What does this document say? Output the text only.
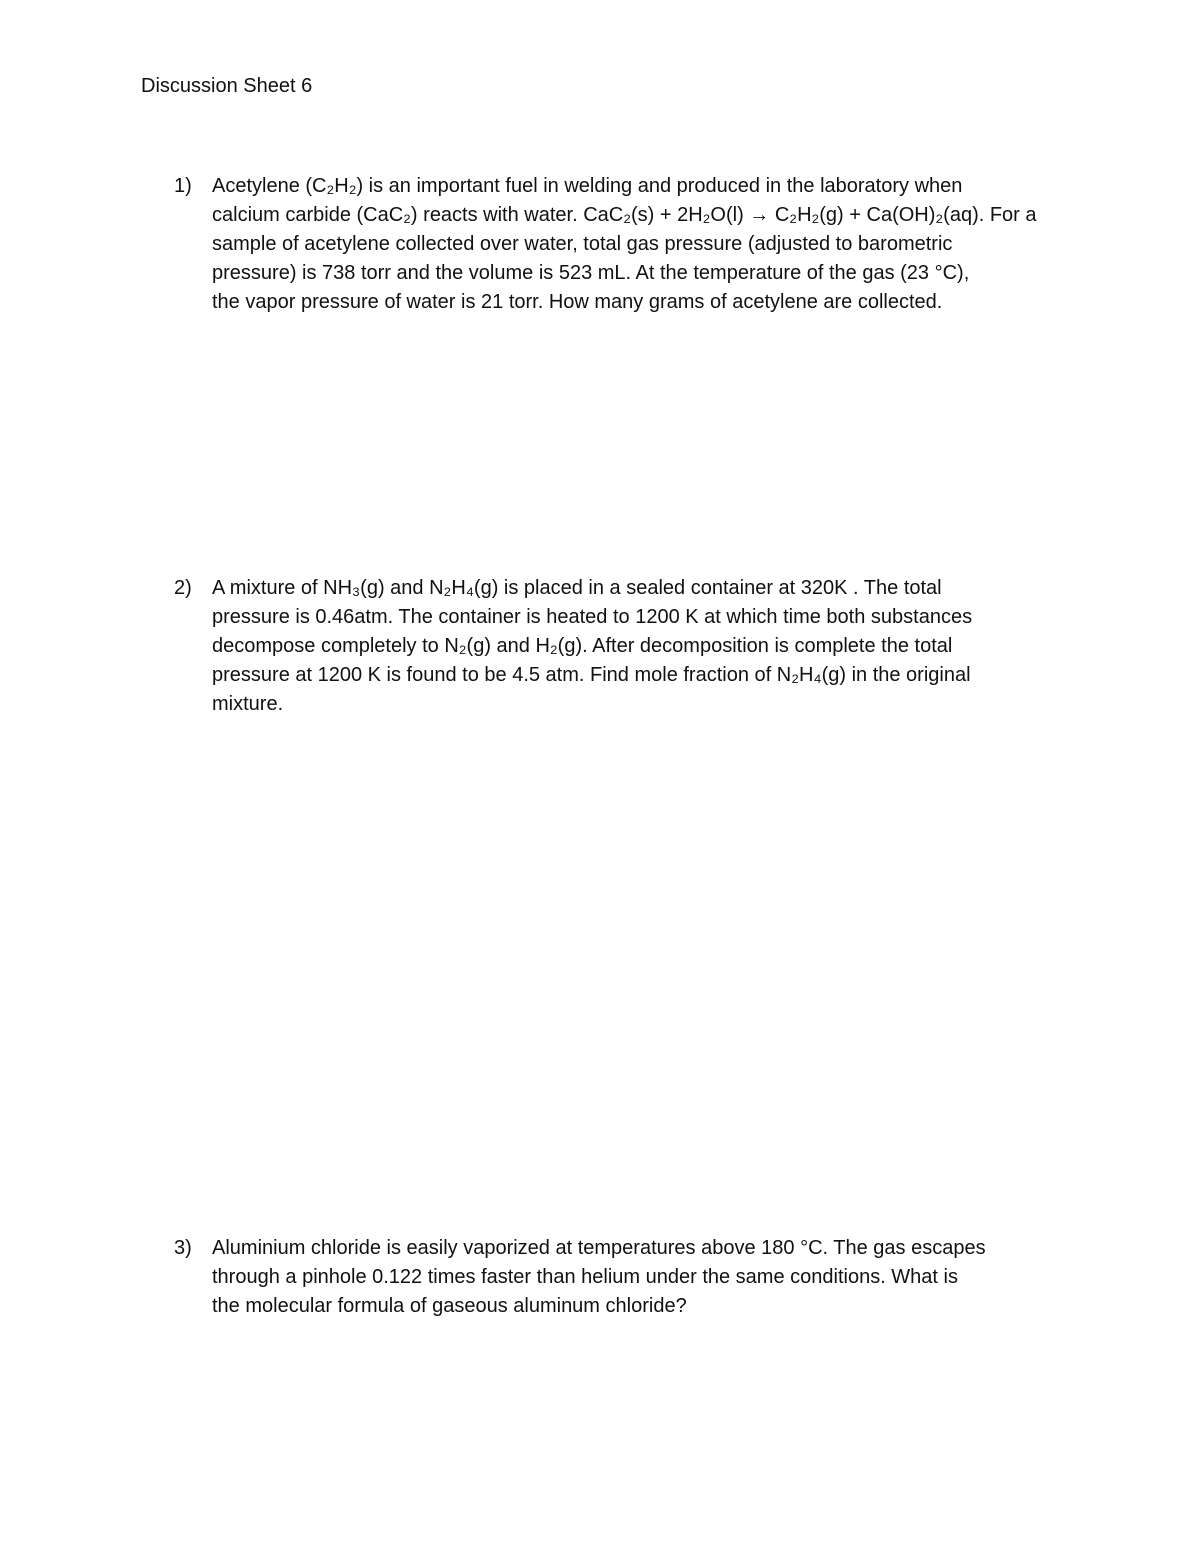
Discussion Sheet 6
1) Acetylene (C₂H₂) is an important fuel in welding and produced in the laboratory when
calcium carbide (CaC₂) reacts with water. CaC₂(s) + 2H₂O(l) → C₂H₂(g) + Ca(OH)₂(aq). For a
sample of acetylene collected over water, total gas pressure (adjusted to barometric
pressure) is 738 torr and the volume is 523 mL. At the temperature of the gas (23 °C),
the vapor pressure of water is 21 torr. How many grams of acetylene are collected.
2) A mixture of NH₃(g) and N₂H₄(g) is placed in a sealed container at 320K . The total
pressure is 0.46atm. The container is heated to 1200 K at which time both substances
decompose completely to N₂(g) and H₂(g). After decomposition is complete the total
pressure at 1200 K is found to be 4.5 atm. Find mole fraction of N₂H₄(g) in the original
mixture.
3) Aluminium chloride is easily vaporized at temperatures above 180 °C. The gas escapes
through a pinhole 0.122 times faster than helium under the same conditions. What is
the molecular formula of gaseous aluminum chloride?
